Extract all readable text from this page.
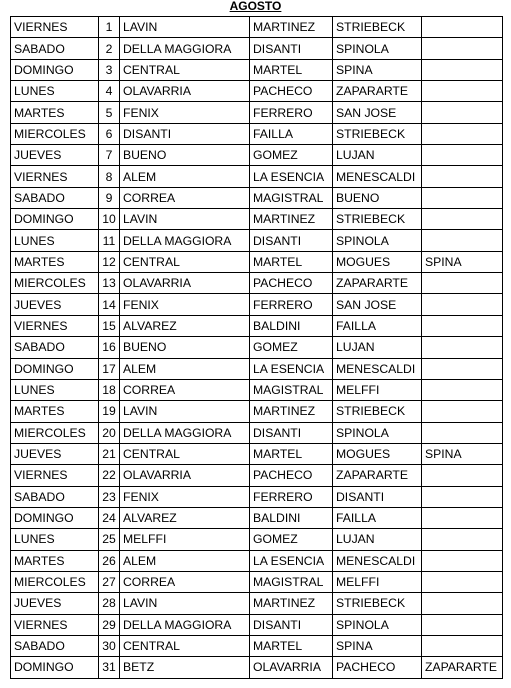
AGOSTO
VIERNES	1	LAVIN	MARTINEZ	STRIEBECK	
SABADO	2	DELLA MAGGIORA	DISANTI	SPINOLA	
DOMINGO	3	CENTRAL	MARTEL	SPINA	
LUNES	4	OLAVARRIA	PACHECO	ZAPARARTE	
MARTES	5	FENIX	FERRERO	SAN JOSE	
MIERCOLES	6	DISANTI	FAILLA	STRIEBECK	
JUEVES	7	BUENO	GOMEZ	LUJAN	
VIERNES	8	ALEM	LA ESENCIA	MENESCALDI	
SABADO	9	CORREA	MAGISTRAL	BUENO	
DOMINGO	10	LAVIN	MARTINEZ	STRIEBECK	
LUNES	11	DELLA MAGGIORA	DISANTI	SPINOLA	
MARTES	12	CENTRAL	MARTEL	MOGUES	SPINA
MIERCOLES	13	OLAVARRIA	PACHECO	ZAPARARTE	
JUEVES	14	FENIX	FERRERO	SAN JOSE	
VIERNES	15	ALVAREZ	BALDINI	FAILLA	
SABADO	16	BUENO	GOMEZ	LUJAN	
DOMINGO	17	ALEM	LA ESENCIA	MENESCALDI	
LUNES	18	CORREA	MAGISTRAL	MELFFI	
MARTES	19	LAVIN	MARTINEZ	STRIEBECK	
MIERCOLES	20	DELLA MAGGIORA	DISANTI	SPINOLA	
JUEVES	21	CENTRAL	MARTEL	MOGUES	SPINA
VIERNES	22	OLAVARRIA	PACHECO	ZAPARARTE	
SABADO	23	FENIX	FERRERO	DISANTI	
DOMINGO	24	ALVAREZ	BALDINI	FAILLA	
LUNES	25	MELFFI	GOMEZ	LUJAN	
MARTES	26	ALEM	LA ESENCIA	MENESCALDI	
MIERCOLES	27	CORREA	MAGISTRAL	MELFFI	
JUEVES	28	LAVIN	MARTINEZ	STRIEBECK	
VIERNES	29	DELLA MAGGIORA	DISANTI	SPINOLA	
SABADO	30	CENTRAL	MARTEL	SPINA	
DOMINGO	31	BETZ	OLAVARRIA	PACHECO	ZAPARARTE
